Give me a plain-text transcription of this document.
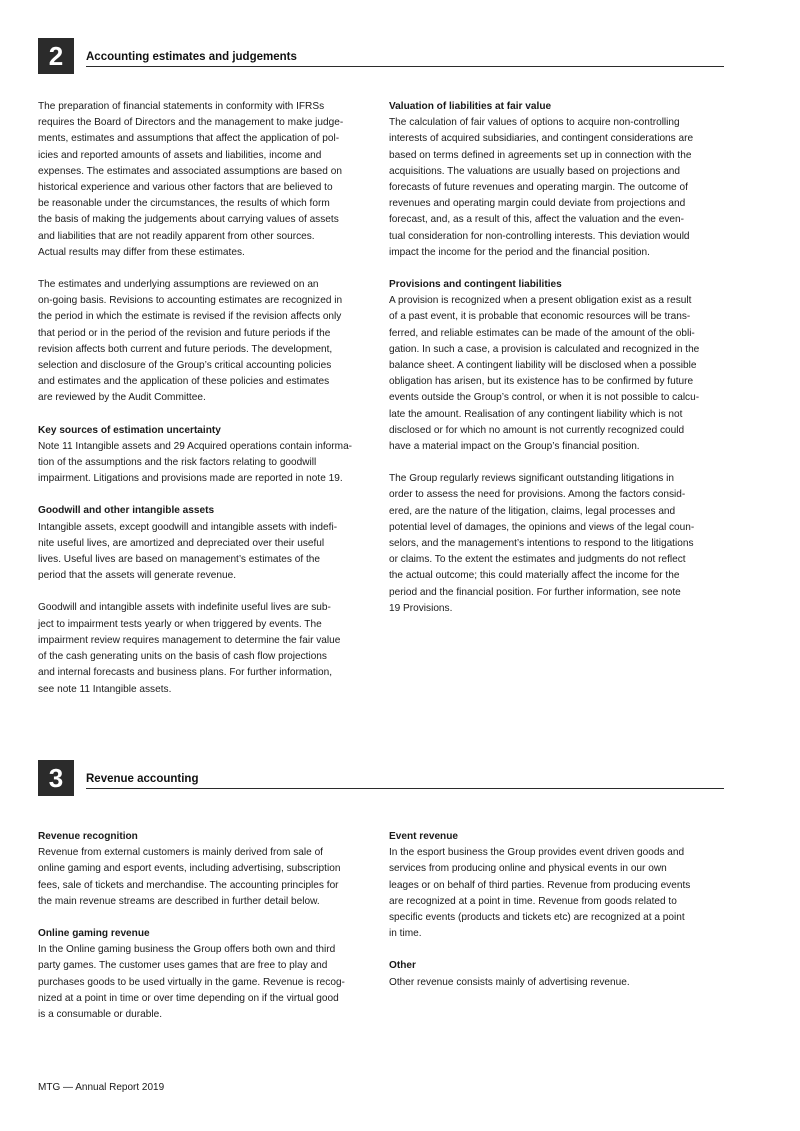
2	Accounting estimates and judgements

The preparation of financial statements in conformity with IFRSs
requires the Board of Directors and the management to make judge-
ments, estimates and assumptions that affect the application of pol-
icies and reported amounts of assets and liabilities, income and
expenses. The estimates and associated assumptions are based on
historical experience and various other factors that are believed to
be reasonable under the circumstances, the results of which form
the basis of making the judgements about carrying values of assets
and liabilities that are not readily apparent from other sources.
Actual results may differ from these estimates.

The estimates and underlying assumptions are reviewed on an
on-going basis. Revisions to accounting estimates are recognized in
the period in which the estimate is revised if the revision affects only
that period or in the period of the revision and future periods if the
revision affects both current and future periods. The development,
selection and disclosure of the Group’s critical accounting policies
and estimates and the application of these policies and estimates
are reviewed by the Audit Committee.

Key sources of estimation uncertainty

Note 11 Intangible assets and 29 Acquired operations contain informa-
tion of the assumptions and the risk factors relating to goodwill
impairment. Litigations and provisions made are reported in note 19.

Goodwill and other intangible assets

Intangible assets, except goodwill and intangible assets with indefi-
nite useful lives, are amortized and depreciated over their useful
lives. Useful lives are based on management’s estimates of the
period that the assets will generate revenue.

Goodwill and intangible assets with indefinite useful lives are sub-
ject to impairment tests yearly or when triggered by events. The
impairment review requires management to determine the fair value
of the cash generating units on the basis of cash flow projections
and internal forecasts and business plans. For further information,
see note 11 Intangible assets.

Valuation of liabilities at fair value

The calculation of fair values of options to acquire non-controlling
interests of acquired subsidiaries, and contingent considerations are
based on terms defined in agreements set up in connection with the
acquisitions. The valuations are usually based on projections and
forecasts of future revenues and operating margin. The outcome of
revenues and operating margin could deviate from projections and
forecast, and, as a result of this, affect the valuation and the even-
tual consideration for non-controlling interests. This deviation would
impact the income for the period and the financial position.

Provisions and contingent liabilities

A provision is recognized when a present obligation exist as a result
of a past event, it is probable that economic resources will be trans-
ferred, and reliable estimates can be made of the amount of the obli-
gation. In such a case, a provision is calculated and recognized in the
balance sheet. A contingent liability will be disclosed when a possible
obligation has arisen, but its existence has to be confirmed by future
events outside the Group’s control, or when it is not possible to calcu-
late the amount. Realisation of any contingent liability which is not
disclosed or for which no amount is not currently recognized could
have a material impact on the Group’s financial position.

The Group regularly reviews significant outstanding litigations in
order to assess the need for provisions. Among the factors consid-
ered, are the nature of the litigation, claims, legal processes and
potential level of damages, the opinions and views of the legal coun-
selors, and the management’s intentions to respond to the litigations
or claims. To the extent the estimates and judgments do not reflect
the actual outcome; this could materially affect the income for the
period and the financial position. For further information, see note
19 Provisions.

3	Revenue accounting
Revenue recognition

Revenue from external customers is mainly derived from sale of
online gaming and esport events, including advertising, subscription
fees, sale of tickets and merchandise. The accounting principles for
the main revenue streams are described in further detail below.

Online gaming revenue

In the Online gaming business the Group offers both own and third
party games. The customer uses games that are free to play and
purchases goods to be used virtually in the game. Revenue is recog-
nized at a point in time or over time depending on if the virtual good
is a consumable or durable.

Event revenue

In the esport business the Group provides event driven goods and
services from producing online and physical events in our own
leages or on behalf of third parties. Revenue from producing events
are recognized at a point in time. Revenue from goods related to
specific events (products and tickets etc) are recognized at a point
in time.

Other

Other revenue consists mainly of advertising revenue.

MTG — Annual Report 2019
